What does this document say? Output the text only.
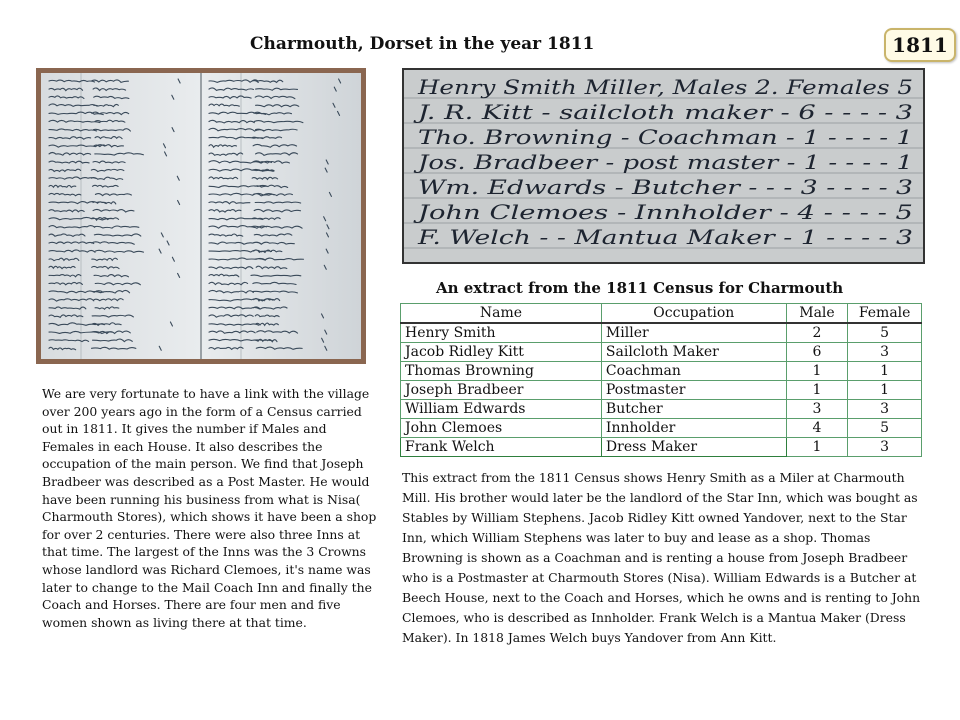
Charmouth, Dorset in the year 1811	1811
Henry Smith Miller, Males 2. Females 5
J. R. Kitt - sailcloth maker - 6 - - - - 3
Tho. Browning - Coachman - 1 - - - - 1
Jos. Bradbeer - post master - 1 - - - - 1
Wm. Edwards - Butcher - - - 3 - - - - 3
John Clemoes - Innholder - 4 - - - - 5
F. Welch - - Mantua Maker - 1 - - - - 3
An extract from the 1811 Census for Charmouth
Name	Occupation	Male	Female
Henry Smith	Miller	2	5
Jacob Ridley Kitt	Sailcloth Maker	6	3
Thomas Browning	Coachman	1	1
Joseph Bradbeer	Postmaster	1	1
William Edwards	Butcher	3	3
John Clemoes	Innholder	4	5
Frank Welch	Dress Maker	1	3
We are very fortunate to have a link with the village over 200 years ago in the form of a Census carried out in 1811. It gives the number if Males and Females in each House. It also describes the occupation of the main person. We find that Joseph Bradbeer was described as a Post Master. He would have been running his business from what is Nisa( Charmouth Stores), which shows it have been a shop for over 2 centuries. There were also three Inns at that time. The largest of the Inns was the 3 Crowns whose landlord was Richard Clemoes, it's name was later to change to the Mail Coach Inn and finally the Coach and Horses. There are four men and five women shown as living there at that time.
This extract from the 1811 Census shows Henry Smith as a Miler at Charmouth Mill. His brother would later be the landlord of the Star Inn, which was bought as Stables by William Stephens. Jacob Ridley Kitt owned Yandover, next to the Star Inn, which William Stephens was later to buy and lease as a shop. Thomas Browning is shown as a Coachman and is renting a house from Joseph Bradbeer who is a Postmaster at Charmouth Stores (Nisa). William Edwards is a Butcher at Beech House, next to the Coach and Horses, which he owns and is renting to John Clemoes, who is described as Innholder. Frank Welch is a Mantua Maker (Dress Maker). In 1818 James Welch buys Yandover from Ann Kitt.
